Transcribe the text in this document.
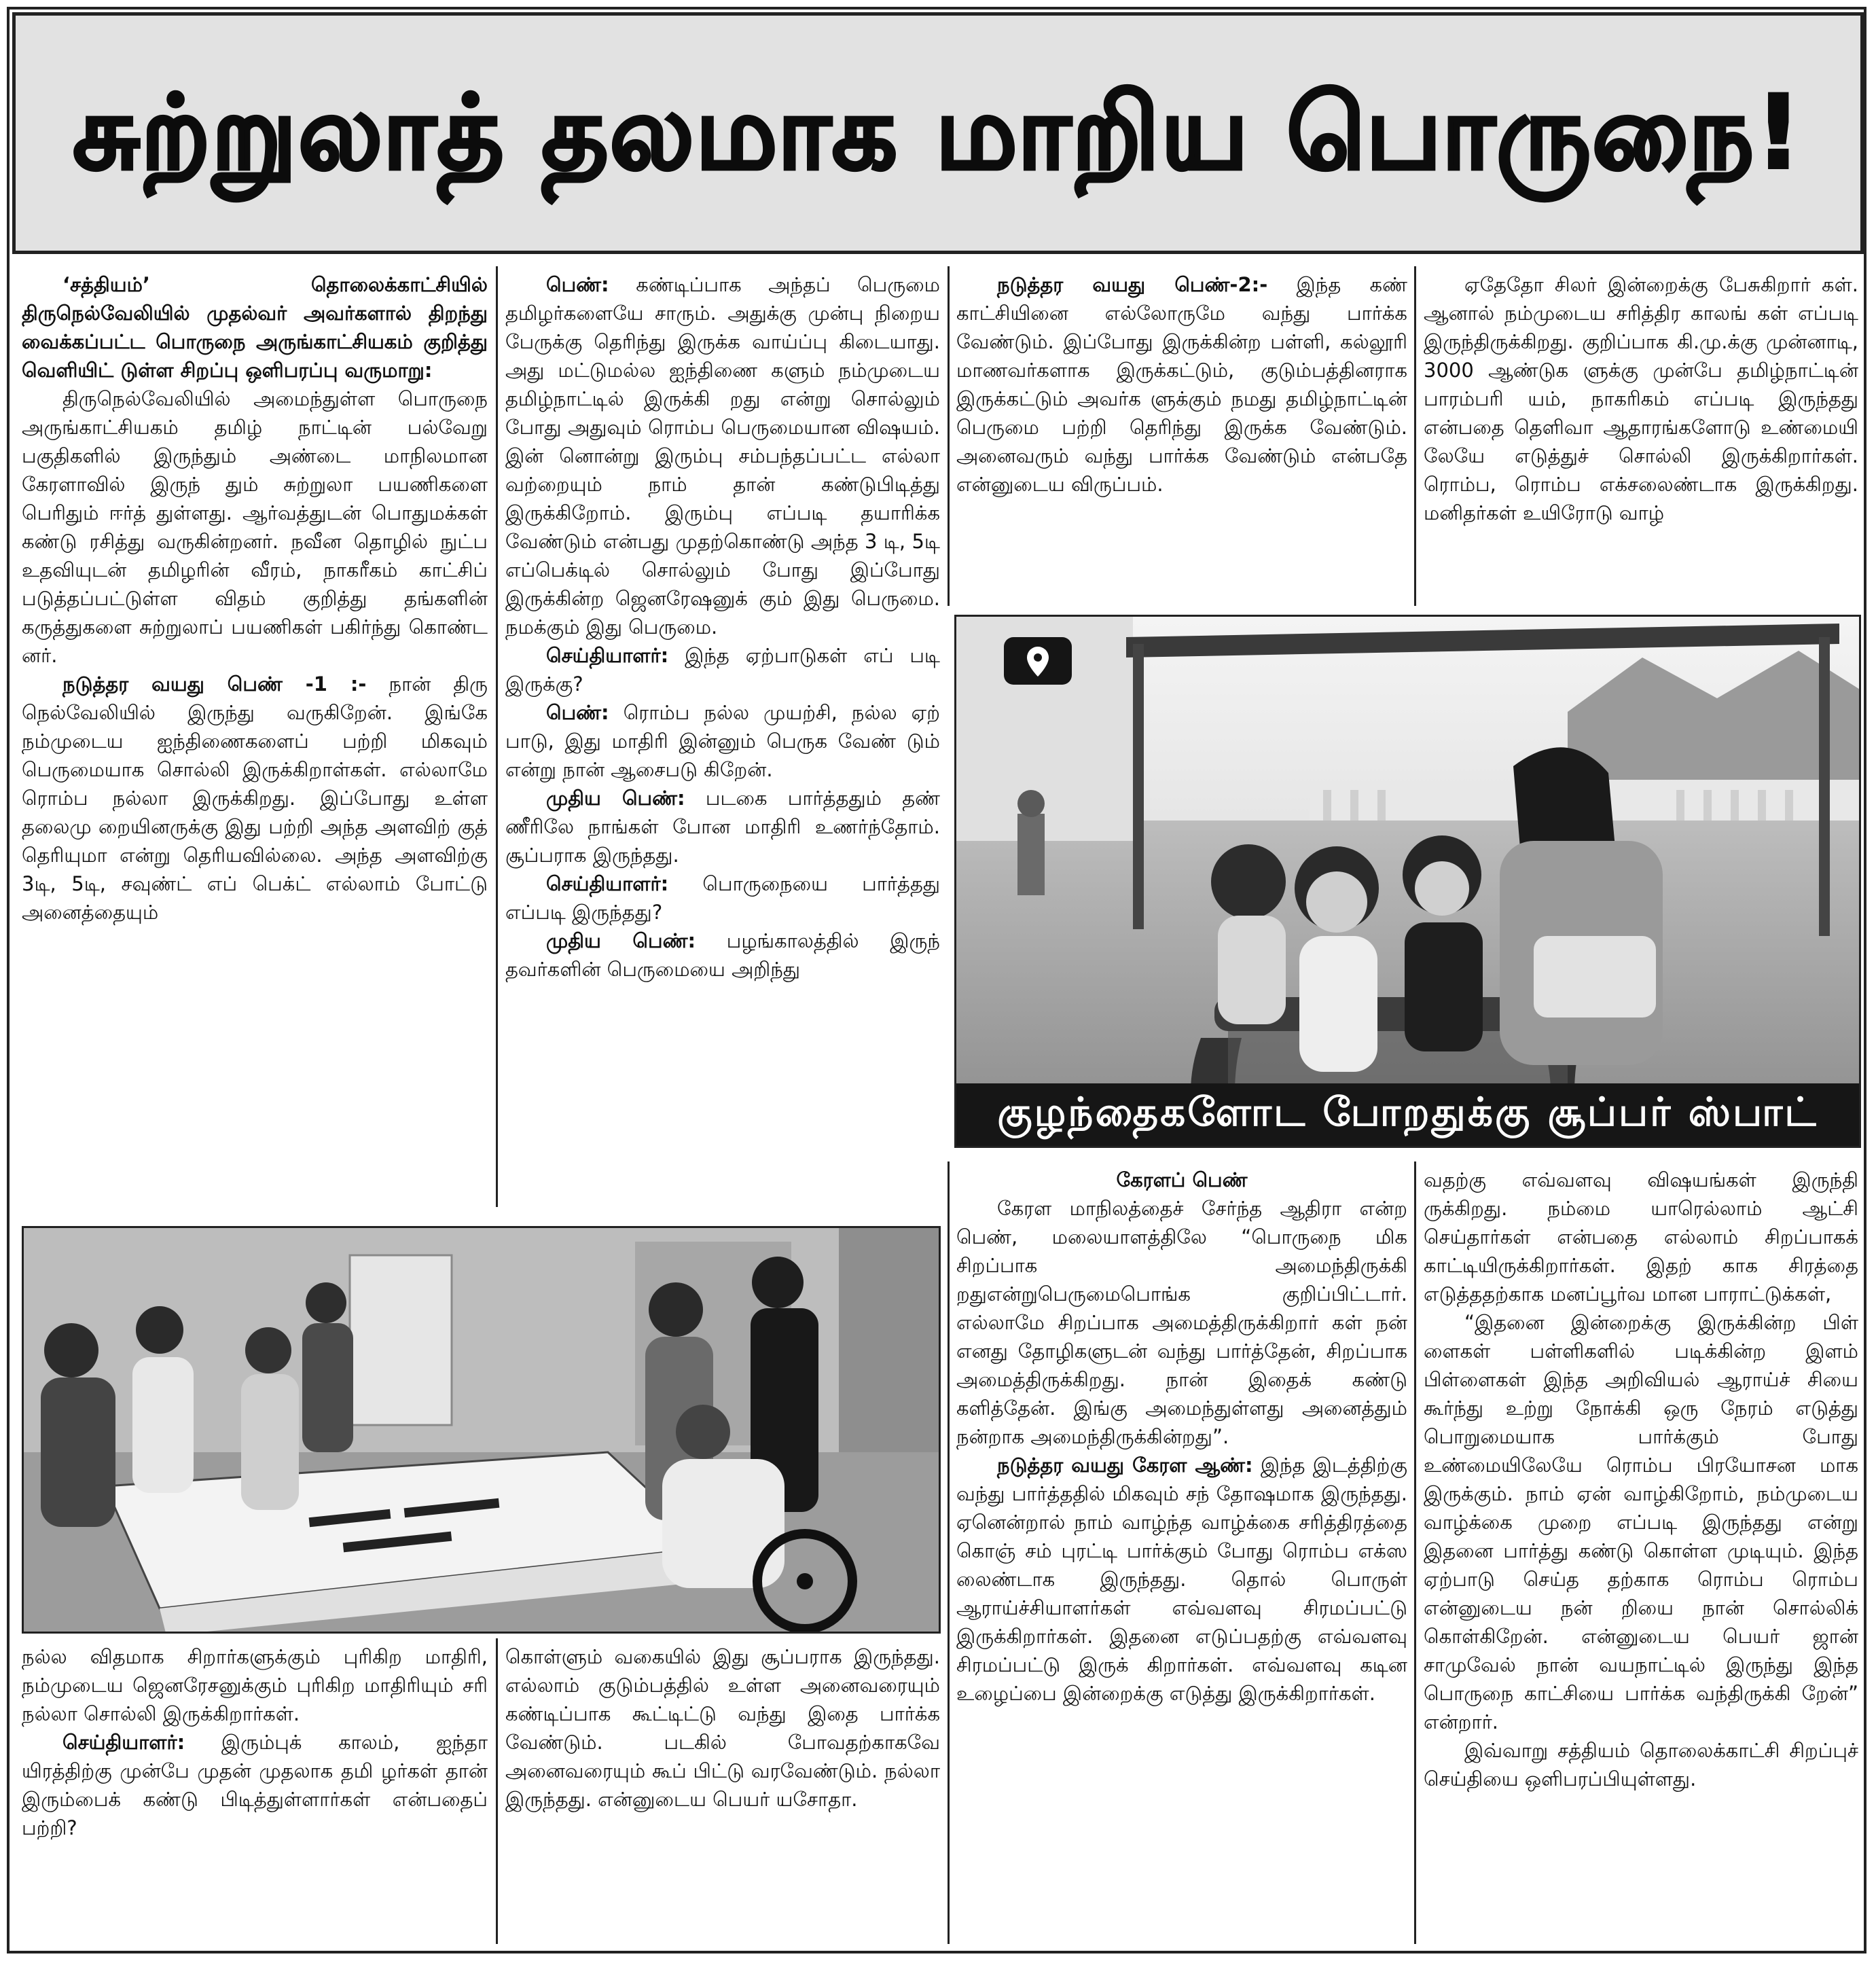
சுற்றுலாத் தலமாக மாறிய பொருநை!

‘சத்தியம்’ தொலைக்காட்சியில் திருநெல்வேலியில் முதல்வர் அவர்களால் திறந்து வைக்கப்பட்ட பொருநை அருங்காட்சியகம் குறித்து வெளியிட் டுள்ள சிறப்பு ஒளிபரப்பு வருமாறு:

திருநெல்வேலியில் அமைந்துள்ள பொருநை அருங்காட்சியகம் தமிழ் நாட்டின் பல்வேறு பகுதிகளில் இருந்தும் அண்டை மாநிலமான கேரளாவில் இருந் தும் சுற்றுலா பயணிகளை பெரிதும் ஈர்த் துள்ளது. ஆர்வத்துடன் பொதுமக்கள் கண்டு ரசித்து வருகின்றனர். நவீன தொழில் நுட்ப உதவியுடன் தமிழரின் வீரம், நாகரீகம் காட்சிப் படுத்தப்பட்டுள்ள விதம் குறித்து தங்களின் கருத்துகளை சுற்றுலாப் பயணிகள் பகிர்ந்து கொண்ட னர்.

நடுத்தர வயது பெண் -1 :- நான் திரு நெல்வேலியில் இருந்து வருகிறேன். இங்கே நம்முடைய ஐந்திணைகளைப் பற்றி மிகவும் பெருமையாக சொல்லி இருக்கிறாள்கள். எல்லாமே ரொம்ப நல்லா இருக்கிறது. இப்போது உள்ள தலைமு றையினருக்கு இது பற்றி அந்த அளவிற் குத் தெரியுமா என்று தெரியவில்லை. அந்த அளவிற்கு 3டி, 5டி, சவுண்ட் எப் பெக்ட் எல்லாம் போட்டு அனைத்தையும்

பெண்: கண்டிப்பாக அந்தப் பெருமை தமிழர்களையே சாரும். அதுக்கு முன்பு நிறைய பேருக்கு தெரிந்து இருக்க வாய்ப்பு கிடையாது. அது மட்டுமல்ல ஐந்திணை களும் நம்முடைய தமிழ்நாட்டில் இருக்கி றது என்று சொல்லும் போது அதுவும் ரொம்ப பெருமையான விஷயம். இன் னொன்று இரும்பு சம்பந்தப்பட்ட எல்லா வற்றையும் நாம் தான் கண்டுபிடித்து இருக்கிறோம். இரும்பு எப்படி தயாரிக்க வேண்டும் என்பது முதற்கொண்டு அந்த 3 டி, 5டி எப்பெக்டில் சொல்லும் போது இப்போது இருக்கின்ற ஜெனரேஷனுக் கும் இது பெருமை. நமக்கும் இது பெருமை.

செய்தியாளர்: இந்த ஏற்பாடுகள் எப் படி இருக்கு?

பெண்: ரொம்ப நல்ல முயற்சி, நல்ல ஏற் பாடு, இது மாதிரி இன்னும் பெருக வேண் டும் என்று நான் ஆசைபடு கிறேன்.

முதிய பெண்: படகை பார்த்ததும் தண் ணீரிலே நாங்கள் போன மாதிரி உணர்ந்தோம். சூப்பராக இருந்தது.

செய்தியாளர்: பொருநையை பார்த்தது எப்படி இருந்தது?

முதிய பெண்: பழங்காலத்தில் இருந் தவர்களின் பெருமையை அறிந்து

நடுத்தர வயது பெண்-2:- இந்த கண் காட்சியினை எல்லோருமே வந்து பார்க்க வேண்டும். இப்போது இருக்கின்ற பள்ளி, கல்லூரி மாணவர்களாக இருக்கட்டும், குடும்பத்தினராக இருக்கட்டும் அவர்க ளுக்கும் நமது தமிழ்நாட்டின் பெருமை பற்றி தெரிந்து இருக்க வேண்டும். அனைவரும் வந்து பார்க்க வேண்டும் என்பதே என்னுடைய விருப்பம்.

ஏதேதோ சிலர் இன்றைக்கு பேசுகிறார் கள். ஆனால் நம்முடைய சரித்திர காலங் கள் எப்படி இருந்திருக்கிறது. குறிப்பாக கி.மு.க்கு முன்னாடி, 3000 ஆண்டுக ளுக்கு முன்பே தமிழ்நாட்டின் பாரம்பரி யம், நாகரிகம் எப்படி இருந்தது என்பதை தெளிவா ஆதாரங்களோடு உண்மையி லேயே எடுத்துச் சொல்லி இருக்கிறார்கள். ரொம்ப, ரொம்ப எக்சலைண்டாக இருக்கிறது. மனிதர்கள் உயிரோடு வாழ்

குழந்தைகளோட போறதுக்கு சூப்பர் ஸ்பாட்

நல்ல விதமாக சிறார்களுக்கும் புரிகிற மாதிரி, நம்முடைய ஜெனரேசனுக்கும் புரிகிற மாதிரியும் சரி நல்லா சொல்லி இருக்கிறார்கள்.

செய்தியாளர்: இரும்புக் காலம், ஐந்தா யிரத்திற்கு முன்பே முதன் முதலாக தமி ழர்கள் தான் இரும்பைக் கண்டு பிடித்துள்ளார்கள் என்பதைப் பற்றி?

கொள்ளும் வகையில் இது சூப்பராக இருந்தது. எல்லாம் குடும்பத்தில் உள்ள அனைவரையும் கண்டிப்பாக கூட்டிட்டு வந்து இதை பார்க்க வேண்டும். படகில் போவதற்காகவே அனைவரையும் கூப் பிட்டு வரவேண்டும். நல்லா இருந்தது. என்னுடைய பெயர் யசோதா.

கேரளப் பெண்

கேரள மாநிலத்தைச் சேர்ந்த ஆதிரா என்ற பெண், மலையாளத்திலே “பொருநை மிக சிறப்பாக அமைந்திருக்கி றதுஎன்றுபெருமைபொங்க குறிப்பிட்டார். எல்லாமே சிறப்பாக அமைத்திருக்கிறார் கள் நன் எனது தோழிகளுடன் வந்து பார்த்தேன், சிறப்பாக அமைத்திருக்கிறது. நான் இதைக் கண்டு களித்தேன். இங்கு அமைந்துள்ளது அனைத்தும் நன்றாக அமைந்திருக்கின்றது”.

நடுத்தர வயது கேரள ஆண்: இந்த இடத்திற்கு வந்து பார்த்ததில் மிகவும் சந் தோஷமாக இருந்தது. ஏனென்றால் நாம் வாழ்ந்த வாழ்க்கை சரித்திரத்தை கொஞ் சம் புரட்டி பார்க்கும் போது ரொம்ப எக்ஸ லைண்டாக இருந்தது. தொல் பொருள் ஆராய்ச்சியாளர்கள் எவ்வளவு சிரமப்பட்டு இருக்கிறார்கள். இதனை எடுப்பதற்கு எவ்வளவு சிரமப்பட்டு இருக் கிறார்கள். எவ்வளவு கடின உழைப்பை இன்றைக்கு எடுத்து இருக்கிறார்கள்.

வதற்கு எவ்வளவு விஷயங்கள் இருந்தி ருக்கிறது. நம்மை யாரெல்லாம் ஆட்சி செய்தார்கள் என்பதை எல்லாம் சிறப்பாகக் காட்டியிருக்கிறார்கள். இதற் காக சிரத்தை எடுத்ததற்காக மனப்பூர்வ மான பாராட்டுக்கள்,

“இதனை இன்றைக்கு இருக்கின்ற பிள் ளைகள் பள்ளிகளில் படிக்கின்ற இளம் பிள்ளைகள் இந்த அறிவியல் ஆராய்ச் சியை கூர்ந்து உற்று நோக்கி ஒரு நேரம் எடுத்து பொறுமையாக பார்க்கும் போது உண்மையிலேயே ரொம்ப பிரயோசன மாக இருக்கும். நாம் ஏன் வாழ்கிறோம், நம்முடைய வாழ்க்கை முறை எப்படி இருந்தது என்று இதனை பார்த்து கண்டு கொள்ள முடியும். இந்த ஏற்பாடு செய்த தற்காக ரொம்ப ரொம்ப என்னுடைய நன் றியை நான் சொல்லிக் கொள்கிறேன். என்னுடைய பெயர் ஜான் சாமுவேல் நான் வயநாட்டில் இருந்து இந்த பொருநை காட்சியை பார்க்க வந்திருக்கி றேன்” என்றார்.

இவ்வாறு சத்தியம் தொலைக்காட்சி சிறப்புச் செய்தியை ஒளிபரப்பியுள்ளது.
